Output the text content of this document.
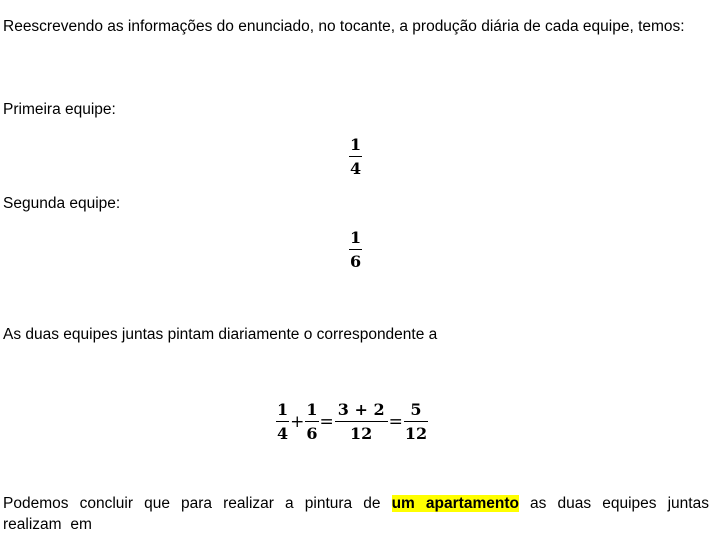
Reescrevendo as informações do enunciado, no tocante, a produção diária de cada equipe, temos:
Primeira equipe:
1
4
Segunda equipe:
1
6
As duas equipes juntas pintam diariamente o correspondente a
$\frac{1}{4} + \frac{1}{6} = \frac{3 + 2}{12} = \frac{5}{12}$
Podemos concluir que para realizar a pintura de um apartamento as duas equipes juntas realizam em
